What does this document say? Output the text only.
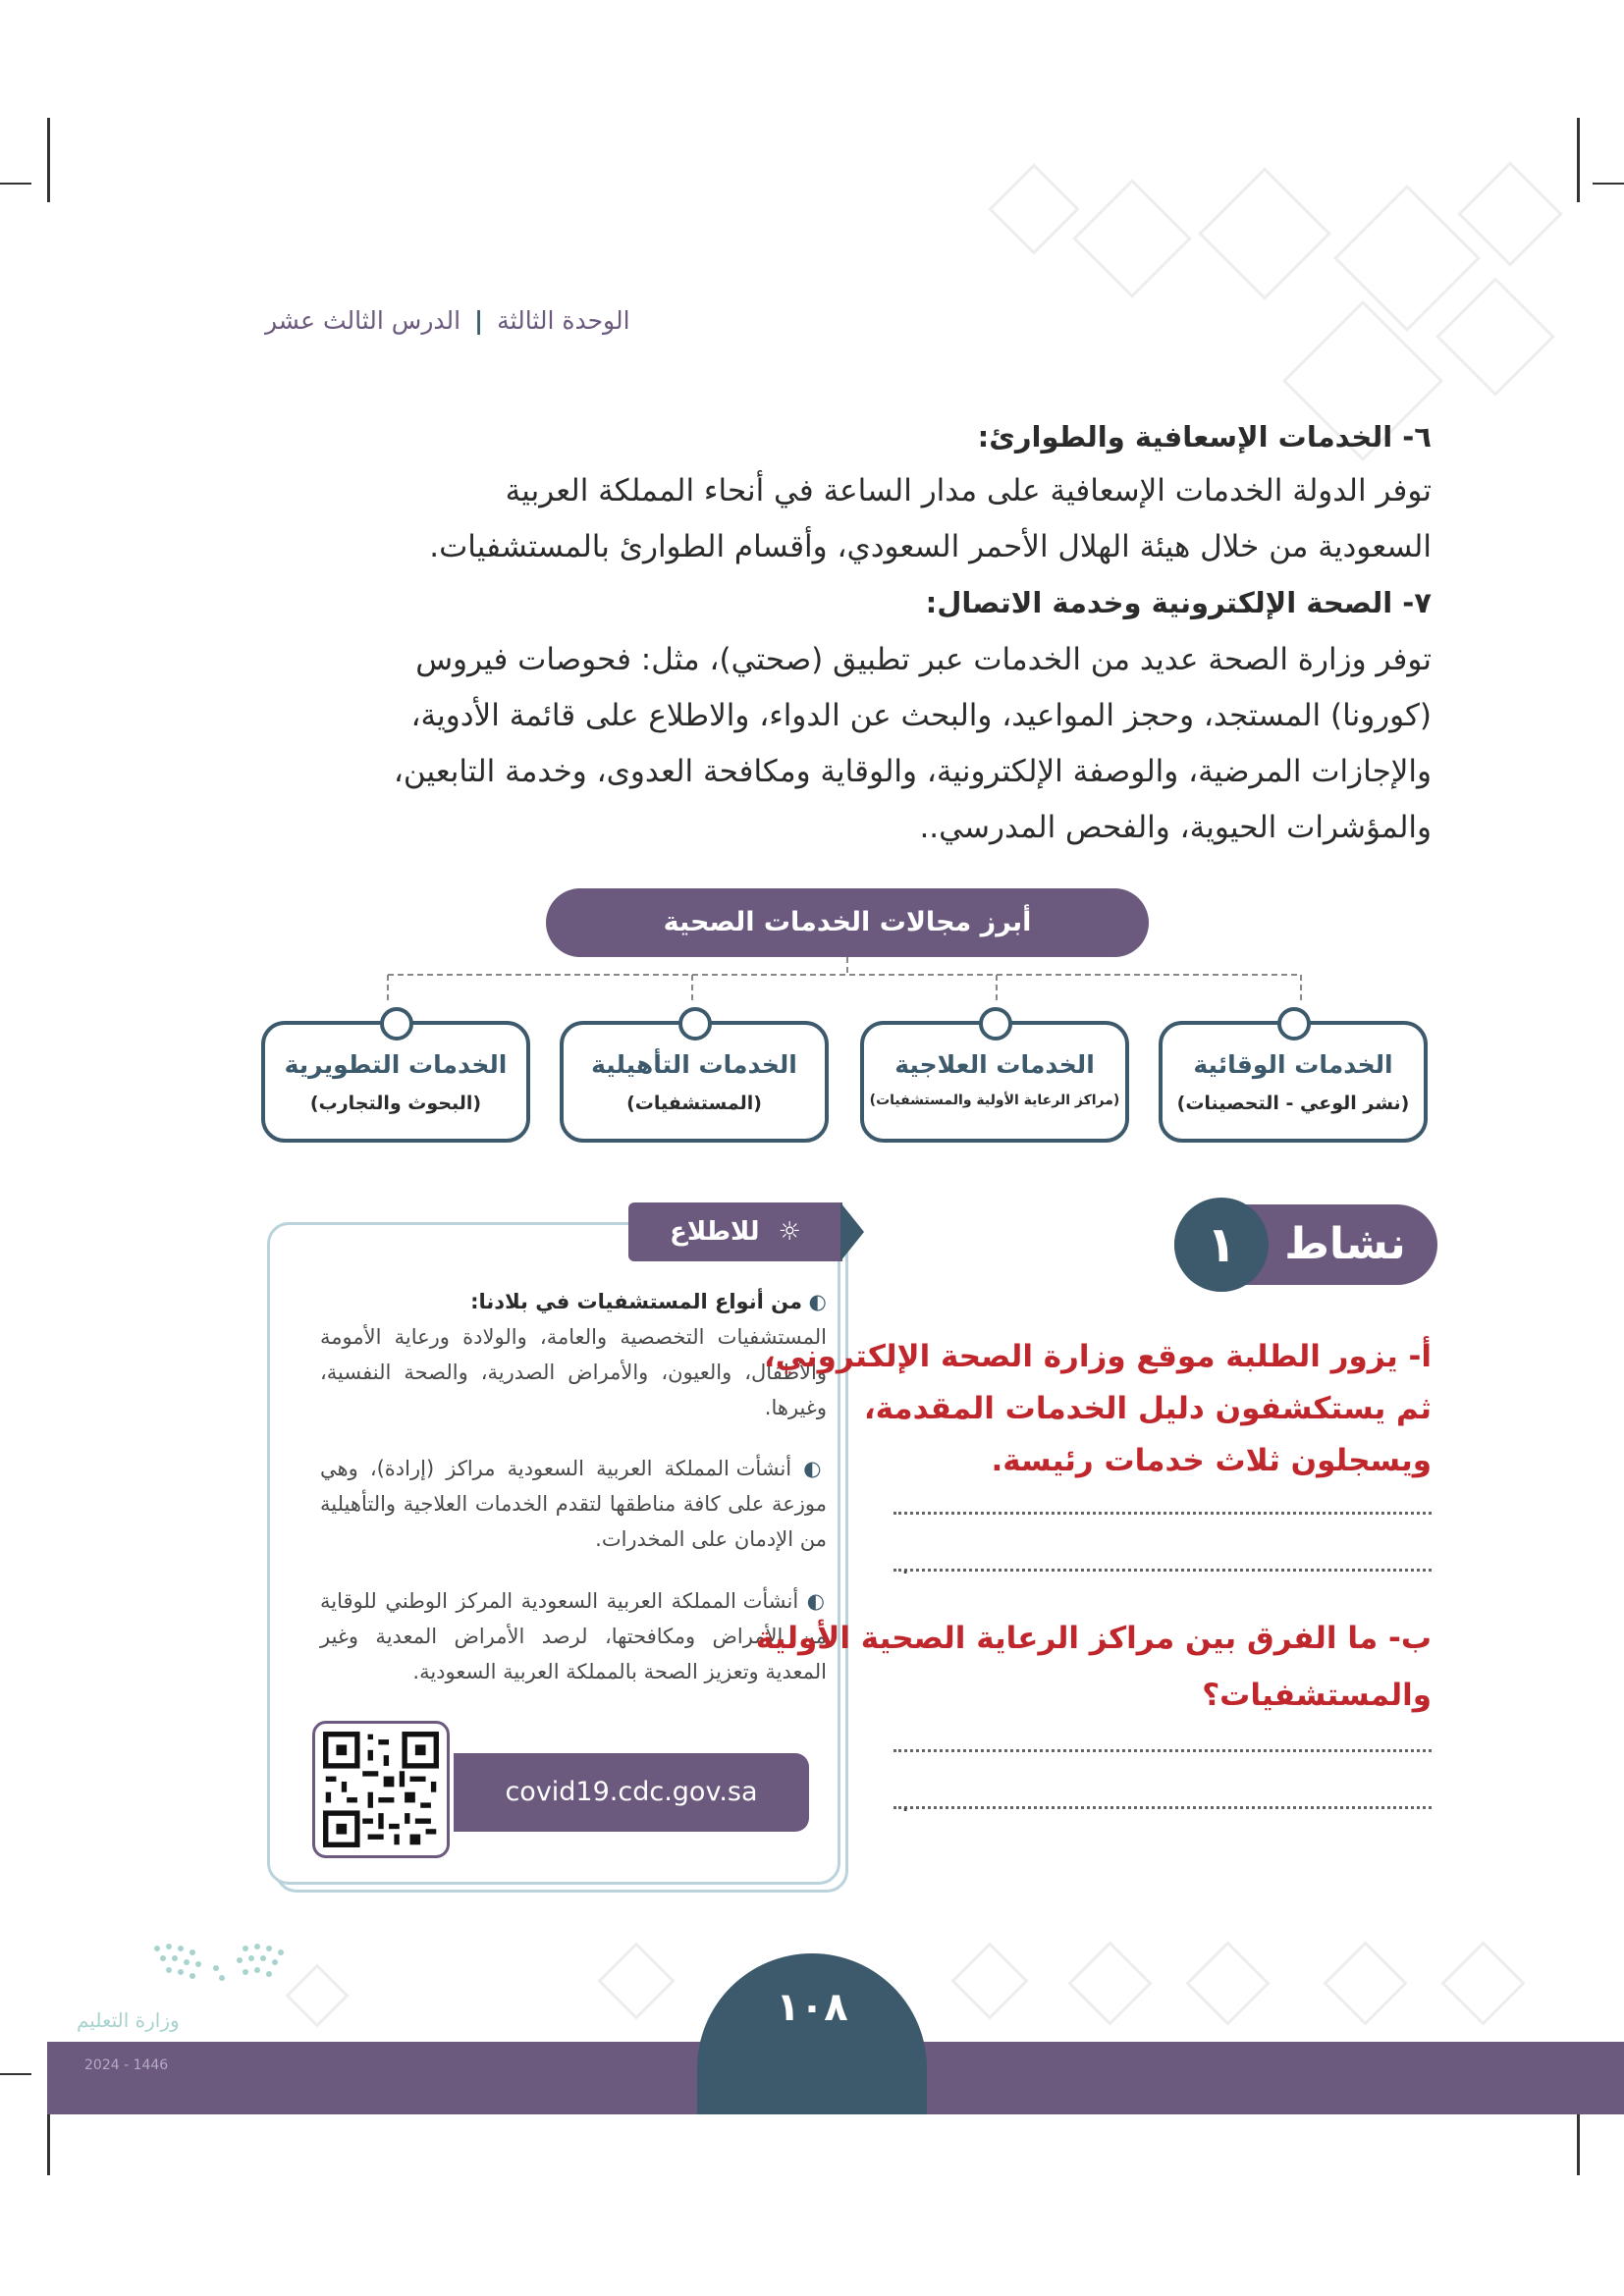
الوحدة الثالثة | الدرس الثالث عشر
٦- الخدمات الإسعافية والطوارئ:
توفر الدولة الخدمات الإسعافية على مدار الساعة في أنحاء المملكة العربية
السعودية من خلال هيئة الهلال الأحمر السعودي، وأقسام الطوارئ بالمستشفيات.
٧- الصحة الإلكترونية وخدمة الاتصال:
توفر وزارة الصحة عديد من الخدمات عبر تطبيق (صحتي)، مثل: فحوصات فيروس
(كورونا) المستجد، وحجز المواعيد، والبحث عن الدواء، والاطلاع على قائمة الأدوية،
والإجازات المرضية، والوصفة الإلكترونية، والوقاية ومكافحة العدوى، وخدمة التابعين،
والمؤشرات الحيوية، والفحص المدرسي..
أبرز مجالات الخدمات الصحية
الخدمات الوقائية
(نشر الوعي - التحصينات)
الخدمات العلاجية
(مراكز الرعاية الأولية والمستشفيات)
الخدمات التأهيلية
(المستشفيات)
الخدمات التطويرية
(البحوث والتجارب)
☼ للاطلاع
◐ من أنواع المستشفيات في بلادنا:
المستشفيات التخصصية والعامة، والولادة ورعاية الأمومة والأطفال، والعيون، والأمراض الصدرية، والصحة النفسية، وغيرها.
◐ أنشأت المملكة العربية السعودية مراكز (إرادة)، وهي موزعة على كافة مناطقها لتقدم الخدمات العلاجية والتأهيلية من الإدمان على المخدرات.
◐ أنشأت المملكة العربية السعودية المركز الوطني للوقاية من الأمراض ومكافحتها، لرصد الأمراض المعدية وغير المعدية وتعزيز الصحة بالمملكة العربية السعودية.
covid19.cdc.gov.sa
نشاط
١
أ- يزور الطلبة موقع وزارة الصحة الإلكتروني، ثم يستكشفون دليل الخدمات المقدمة، ويسجلون ثلاث خدمات رئيسة.
.
ب- ما الفرق بين مراكز الرعاية الصحية الأولية والمستشفيات؟
.
١٠٨
وزارة التعليم
2024 - 1446
